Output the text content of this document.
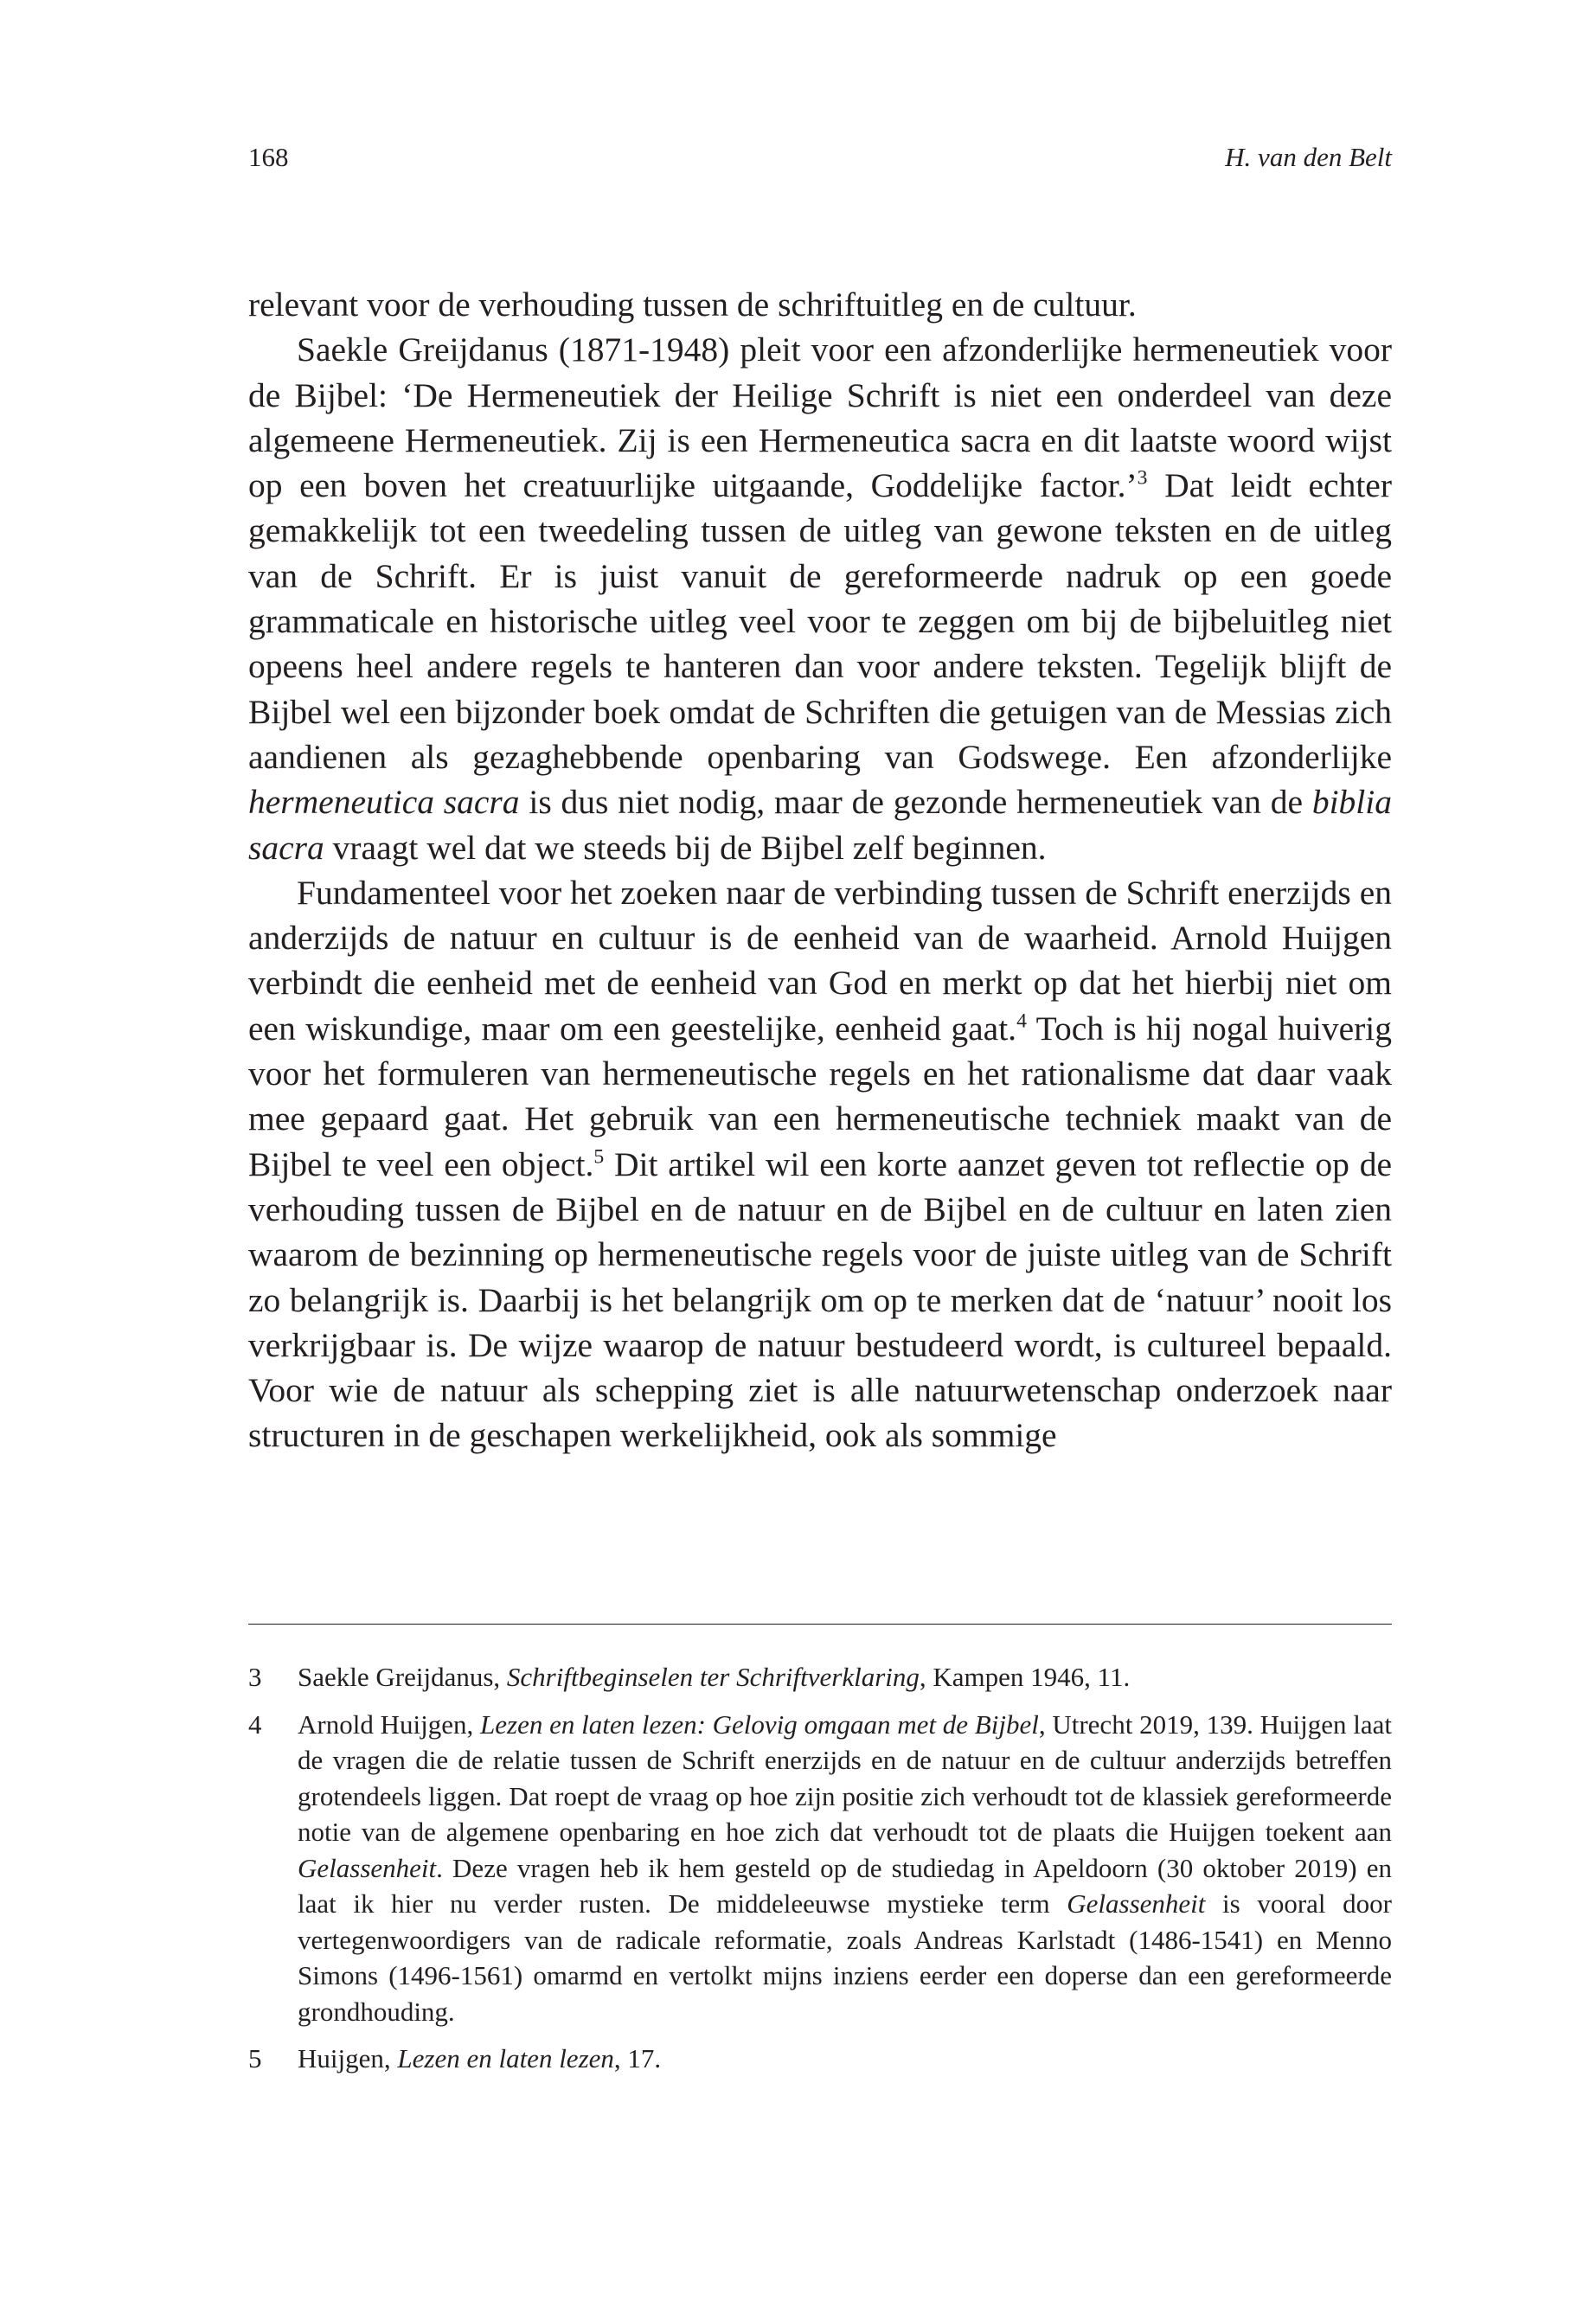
168	H. van den Belt

relevant voor de verhouding tussen de schriftuitleg en de cultuur.

Saekle Greijdanus (1871-1948) pleit voor een afzonderlijke hermeneutiek voor de Bijbel: ‘De Hermeneutiek der Heilige Schrift is niet een onderdeel van deze algemeene Hermeneutiek. Zij is een Hermeneutica sacra en dit laatste woord wijst op een boven het creatuurlijke uitgaande, Goddelijke factor.’$^3$ Dat leidt echter gemakkelijk tot een tweedeling tussen de uitleg van gewone teksten en de uitleg van de Schrift. Er is juist vanuit de gereformeerde nadruk op een goede grammaticale en historische uitleg veel voor te zeggen om bij de bijbeluitleg niet opeens heel andere regels te hanteren dan voor andere teksten. Tegelijk blijft de Bijbel wel een bijzonder boek omdat de Schriften die getuigen van de Messias zich aandienen als gezaghebbende openbaring van Godswege. Een afzonderlijke hermeneutica sacra is dus niet nodig, maar de gezonde hermeneutiek van de biblia sacra vraagt wel dat we steeds bij de Bijbel zelf beginnen.

Fundamenteel voor het zoeken naar de verbinding tussen de Schrift enerzijds en anderzijds de natuur en cultuur is de eenheid van de waarheid. Arnold Huijgen verbindt die eenheid met de eenheid van God en merkt op dat het hierbij niet om een wiskundige, maar om een geestelijke, eenheid gaat.$^4$ Toch is hij nogal huiverig voor het formuleren van hermeneutische regels en het rationalisme dat daar vaak mee gepaard gaat. Het gebruik van een hermeneutische techniek maakt van de Bijbel te veel een object.$^5$ Dit artikel wil een korte aanzet geven tot reflectie op de verhouding tussen de Bijbel en de natuur en de Bijbel en de cultuur en laten zien waarom de bezinning op hermeneutische regels voor de juiste uitleg van de Schrift zo belangrijk is. Daarbij is het belangrijk om op te merken dat de ‘natuur’ nooit los verkrijgbaar is. De wijze waarop de natuur bestudeerd wordt, is cultureel bepaald. Voor wie de natuur als schepping ziet is alle natuurwetenschap onderzoek naar structuren in de geschapen werkelijkheid, ook als sommige

3 Saekle Greijdanus, Schriftbeginselen ter Schriftverklaring, Kampen 1946, 11.
4 Arnold Huijgen, Lezen en laten lezen: Gelovig omgaan met de Bijbel, Utrecht 2019, 139. Huijgen laat de vragen die de relatie tussen de Schrift enerzijds en de natuur en de cultuur anderzijds betreffen grotendeels liggen. Dat roept de vraag op hoe zijn positie zich verhoudt tot de klassiek gereformeerde notie van de algemene openbaring en hoe zich dat verhoudt tot de plaats die Huijgen toekent aan Gelassenheit. Deze vragen heb ik hem gesteld op de studiedag in Apeldoorn (30 oktober 2019) en laat ik hier nu verder rusten. De middeleeuwse mystieke term Gelassenheit is vooral door vertegenwoordigers van de radicale reformatie, zoals Andreas Karlstadt (1486-1541) en Menno Simons (1496-1561) omarmd en vertolkt mijns inziens eerder een doperse dan een gereformeerde grondhouding.
5 Huijgen, Lezen en laten lezen, 17.
